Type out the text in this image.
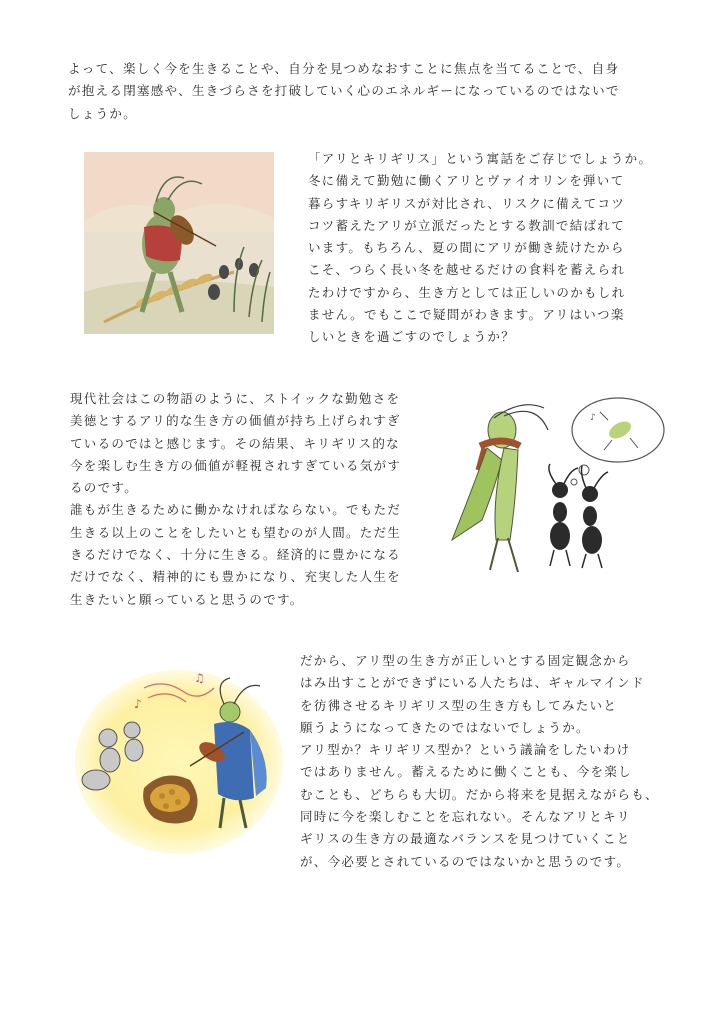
よって、楽しく今を生きることや、自分を見つめなおすことに焦点を当てることで、自身

が抱える閉塞感や、生きづらさを打破していく心のエネルギーになっているのではないで

しょうか。

「アリとキリギリス」という寓話をご存じでしょうか。

冬に備えて勤勉に働くアリとヴァイオリンを弾いて

暮らすキリギリスが対比され、リスクに備えてコツ

コツ蓄えたアリが立派だったとする教訓で結ばれて

います。もちろん、夏の間にアリが働き続けたから

こそ、つらく長い冬を越せるだけの食料を蓄えられ

たわけですから、生き方としては正しいのかもしれ

ません。でもここで疑問がわきます。アリはいつ楽

しいときを過ごすのでしょうか？

現代社会はこの物語のように、ストイックな勤勉さを

美徳とするアリ的な生き方の価値が持ち上げられすぎ

ているのではと感じます。その結果、キリギリス的な

今を楽しむ生き方の価値が軽視されすぎている気がす

るのです。

誰もが生きるために働かなければならない。でもただ

生きる以上のことをしたいとも望むのが人間。ただ生

きるだけでなく、十分に生きる。経済的に豊かになる

だけでなく、精神的にも豊かになり、充実した人生を

生きたいと願っていると思うのです。

♪
♪
♫

だから、アリ型の生き方が正しいとする固定観念から

はみ出すことができずにいる人たちは、ギャルマインド

を彷彿させるキリギリス型の生き方もしてみたいと

願うようになってきたのではないでしょうか。

アリ型か？キリギリス型か？という議論をしたいわけ

ではありません。蓄えるために働くことも、今を楽し

むことも、どちらも大切。だから将来を見据えながらも、

同時に今を楽しむことを忘れない。そんなアリとキリ

ギリスの生き方の最適なバランスを見つけていくこと

が、今必要とされているのではないかと思うのです。
